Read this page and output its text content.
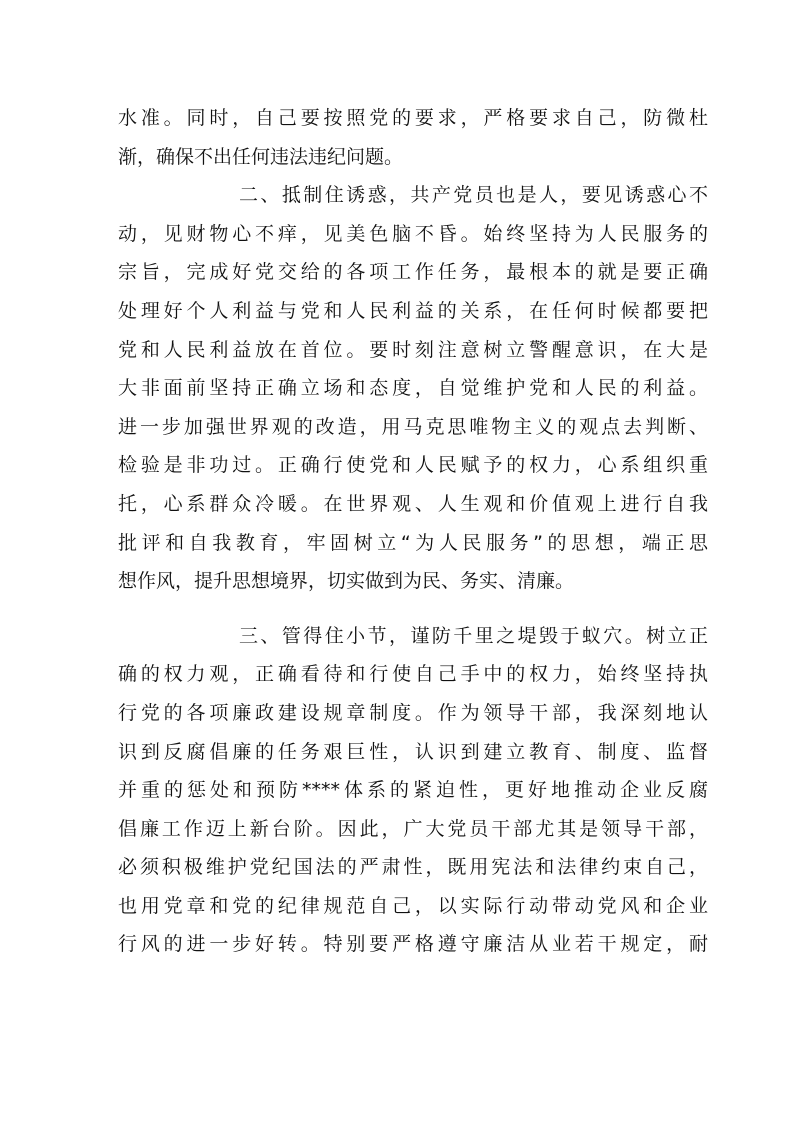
水准。同时，自己要按照党的要求，严格要求自己，防微杜
渐，确保不出任何违法违纪问题。
二、抵制住诱惑，共产党员也是人，要见诱惑心不
动，见财物心不痒，见美色脑不昏。始终坚持为人民服务的
宗旨，完成好党交给的各项工作任务，最根本的就是要正确
处理好个人利益与党和人民利益的关系，在任何时候都要把
党和人民利益放在首位。要时刻注意树立警醒意识，在大是
大非面前坚持正确立场和态度，自觉维护党和人民的利益。
进一步加强世界观的改造，用马克思唯物主义的观点去判断、
检验是非功过。正确行使党和人民赋予的权力，心系组织重
托，心系群众冷暖。在世界观、人生观和价值观上进行自我
批评和自我教育，牢固树立“为人民服务”的思想，端正思
想作风，提升思想境界，切实做到为民、务实、清廉。
三、管得住小节，谨防千里之堤毁于蚁穴。树立正
确的权力观，正确看待和行使自己手中的权力，始终坚持执
行党的各项廉政建设规章制度。作为领导干部，我深刻地认
识到反腐倡廉的任务艰巨性，认识到建立教育、制度、监督
并重的惩处和预防****体系的紧迫性，更好地推动企业反腐
倡廉工作迈上新台阶。因此，广大党员干部尤其是领导干部，
必须积极维护党纪国法的严肃性，既用宪法和法律约束自己，
也用党章和党的纪律规范自己，以实际行动带动党风和企业
行风的进一步好转。特别要严格遵守廉洁从业若干规定，耐
